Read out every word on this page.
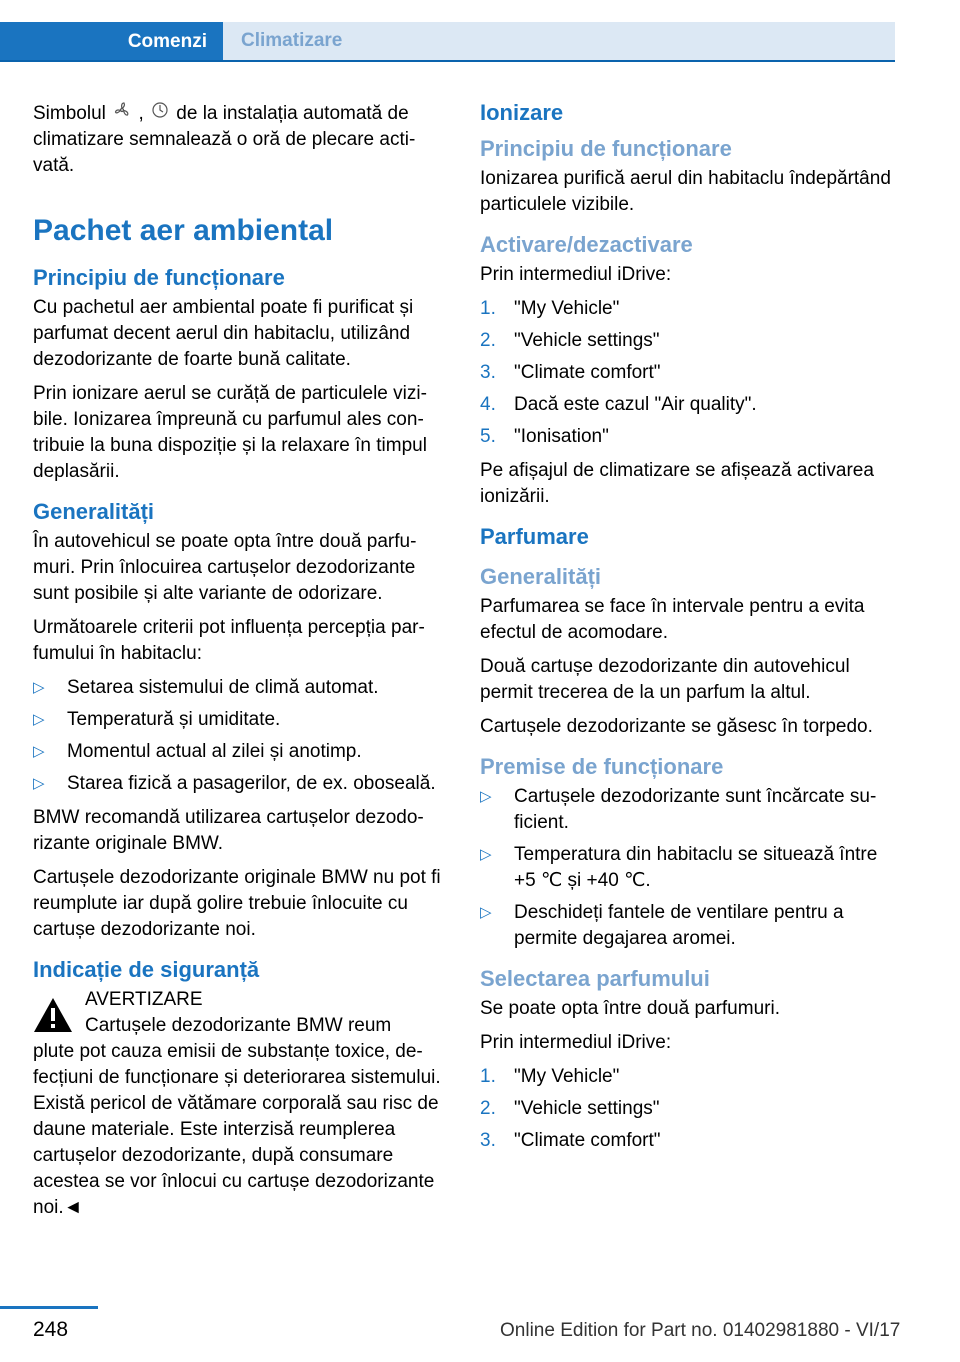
Comenzi	Climatizare

Simbolul , de la instalația automată de climatizare semnalează o oră de plecare activată.

Pachet aer ambiental
Principiu de funcționare

Cu pachetul aer ambiental poate fi purificat și parfumat decent aerul din habitaclu, utilizând dezodorizante de foarte bună calitate.

Prin ionizare aerul se curăță de particulele vizibile. Ionizarea împreună cu parfumul ales contribuie la buna dispoziție și la relaxare în timpul deplasării.

Generalități

În autovehicul se poate opta între două parfumuri. Prin înlocuirea cartușelor dezodorizante sunt posibile și alte variante de odorizare.

Următoarele criterii pot influența percepția parfumului în habitaclu:

▷ Setarea sistemului de climă automat.
▷ Temperatură și umiditate.
▷ Momentul actual al zilei și anotimp.
▷ Starea fizică a pasagerilor, de ex. oboseală.

BMW recomandă utilizarea cartușelor dezodorizante originale BMW.

Cartușele dezodorizante originale BMW nu pot fi reumplute iar după golire trebuie înlocuite cu cartușe dezodorizante noi.

Indicație de siguranță
AVERTIZARE
Cartușele dezodorizante BMW reum
plute pot cauza emisii de substanțe toxice, defecțiuni de funcționare și deteriorarea sistemului. Există pericol de vătămare corporală sau risc de daune materiale. Este interzisă reumplerea cartușelor dezodorizante, după consumare acestea se vor înlocui cu cartușe dezodorizante noi.◄
Ionizare
Principiu de funcționare

Ionizarea purifică aerul din habitaclu îndepărtând particulele vizibile.

Activare/dezactivare

Prin intermediul iDrive:

1. "My Vehicle"
2. "Vehicle settings"
3. "Climate comfort"
4. Dacă este cazul "Air quality".
5. "Ionisation"

Pe afișajul de climatizare se afișează activarea ionizării.

Parfumare
Generalități

Parfumarea se face în intervale pentru a evita efectul de acomodare.

Două cartușe dezodorizante din autovehicul permit trecerea de la un parfum la altul.

Cartușele dezodorizante se găsesc în torpedo.

Premise de funcționare
▷ Cartușele dezodorizante sunt încărcate suficient.
▷ Temperatura din habitaclu se situează între +5 ℃ și +40 ℃.
▷ Deschideți fantele de ventilare pentru a permite degajarea aromei.
Selectarea parfumului

Se poate opta între două parfumuri.

Prin intermediul iDrive:

1. "My Vehicle"
2. "Vehicle settings"
3. "Climate comfort"
248	Online Edition for Part no. 01402981880 - VI/17
